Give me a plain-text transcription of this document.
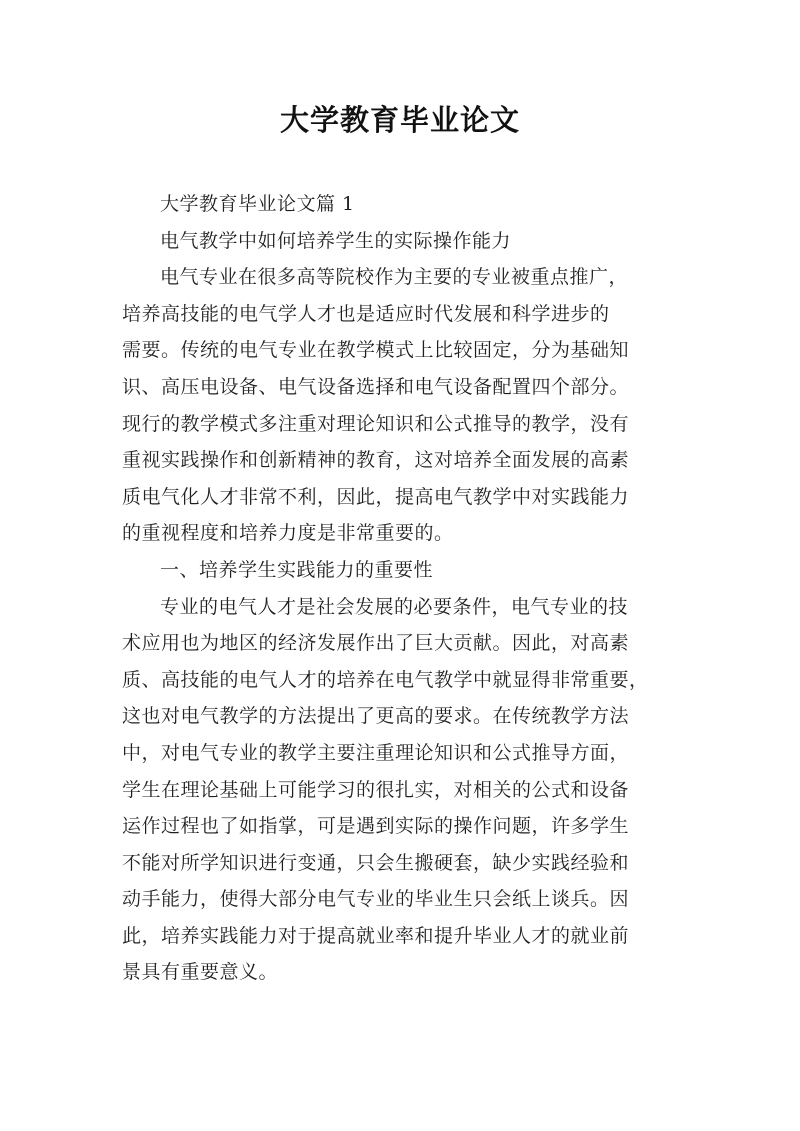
大学教育毕业论文
大学教育毕业论文篇 1
电气教学中如何培养学生的实际操作能力
电气专业在很多高等院校作为主要的专业被重点推广，
培养高技能的电气学人才也是适应时代发展和科学进步的
需要。传统的电气专业在教学模式上比较固定，分为基础知
识、高压电设备、电气设备选择和电气设备配置四个部分。
现行的教学模式多注重对理论知识和公式推导的教学，没有
重视实践操作和创新精神的教育，这对培养全面发展的高素
质电气化人才非常不利，因此，提高电气教学中对实践能力
的重视程度和培养力度是非常重要的。
一、培养学生实践能力的重要性
专业的电气人才是社会发展的必要条件，电气专业的技
术应用也为地区的经济发展作出了巨大贡献。因此，对高素
质、高技能的电气人才的培养在电气教学中就显得非常重要，
这也对电气教学的方法提出了更高的要求。在传统教学方法
中，对电气专业的教学主要注重理论知识和公式推导方面，
学生在理论基础上可能学习的很扎实，对相关的公式和设备
运作过程也了如指掌，可是遇到实际的操作问题，许多学生
不能对所学知识进行变通，只会生搬硬套，缺少实践经验和
动手能力，使得大部分电气专业的毕业生只会纸上谈兵。因
此，培养实践能力对于提高就业率和提升毕业人才的就业前
景具有重要意义。
